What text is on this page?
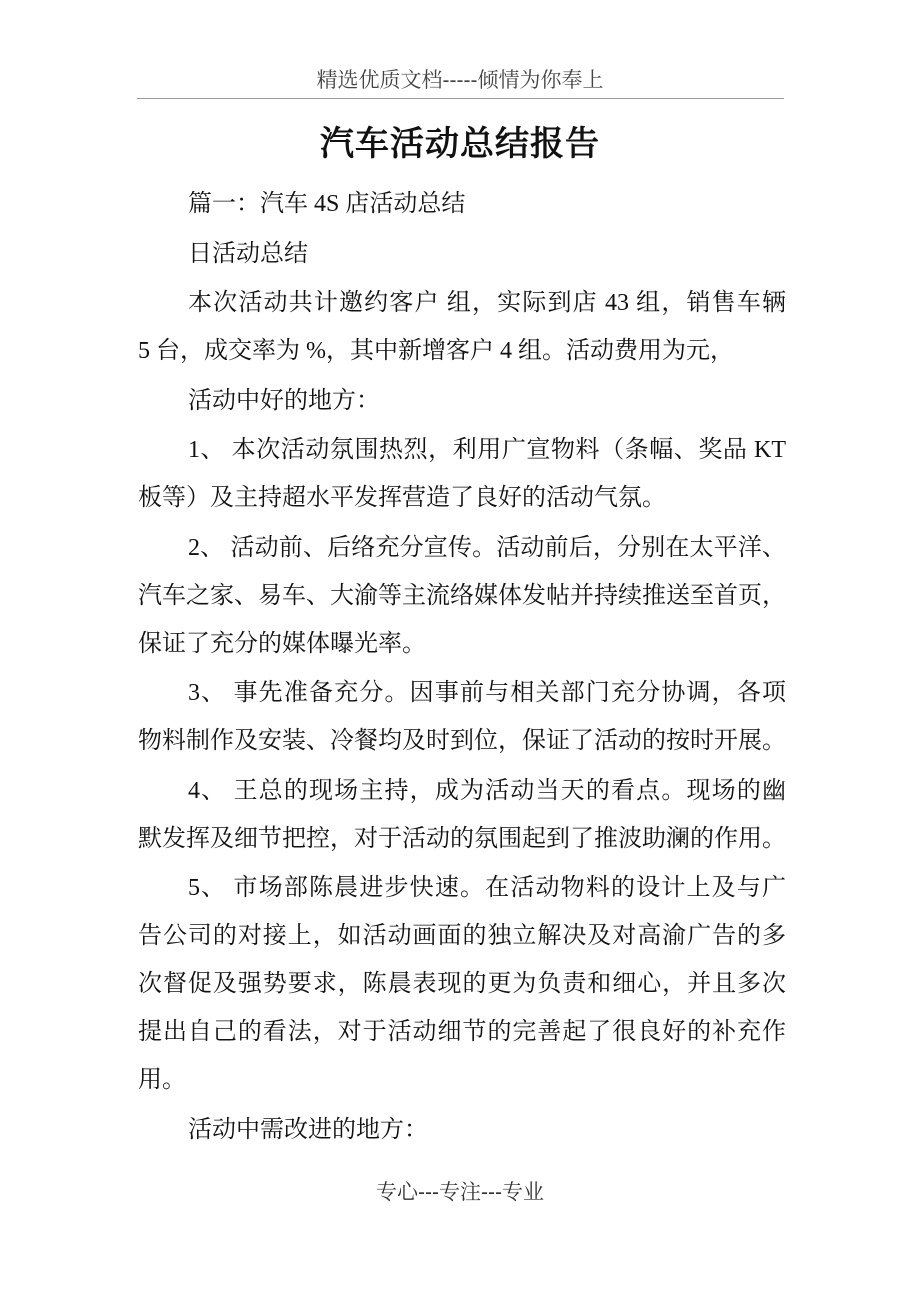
精选优质文档-----倾情为你奉上
汽车活动总结报告
篇一：汽车 4S 店活动总结
日活动总结
本次活动共计邀约客户 组，实际到店 43 组，销售车辆
5 台，成交率为 %，其中新增客户 4 组。活动费用为元，
活动中好的地方：
1、 本次活动氛围热烈，利用广宣物料（条幅、奖品 KT
板等）及主持超水平发挥营造了良好的活动气氛。
2、 活动前、后络充分宣传。活动前后，分别在太平洋、
汽车之家、易车、大渝等主流络媒体发帖并持续推送至首页，
保证了充分的媒体曝光率。
3、 事先准备充分。因事前与相关部门充分协调，各项
物料制作及安装、冷餐均及时到位，保证了活动的按时开展。
4、 王总的现场主持，成为活动当天的看点。现场的幽
默发挥及细节把控，对于活动的氛围起到了推波助澜的作用。
5、 市场部陈晨进步快速。在活动物料的设计上及与广
告公司的对接上，如活动画面的独立解决及对高渝广告的多
次督促及强势要求，陈晨表现的更为负责和细心，并且多次
提出自己的看法，对于活动细节的完善起了很良好的补充作
用。
活动中需改进的地方：
专心---专注---专业
